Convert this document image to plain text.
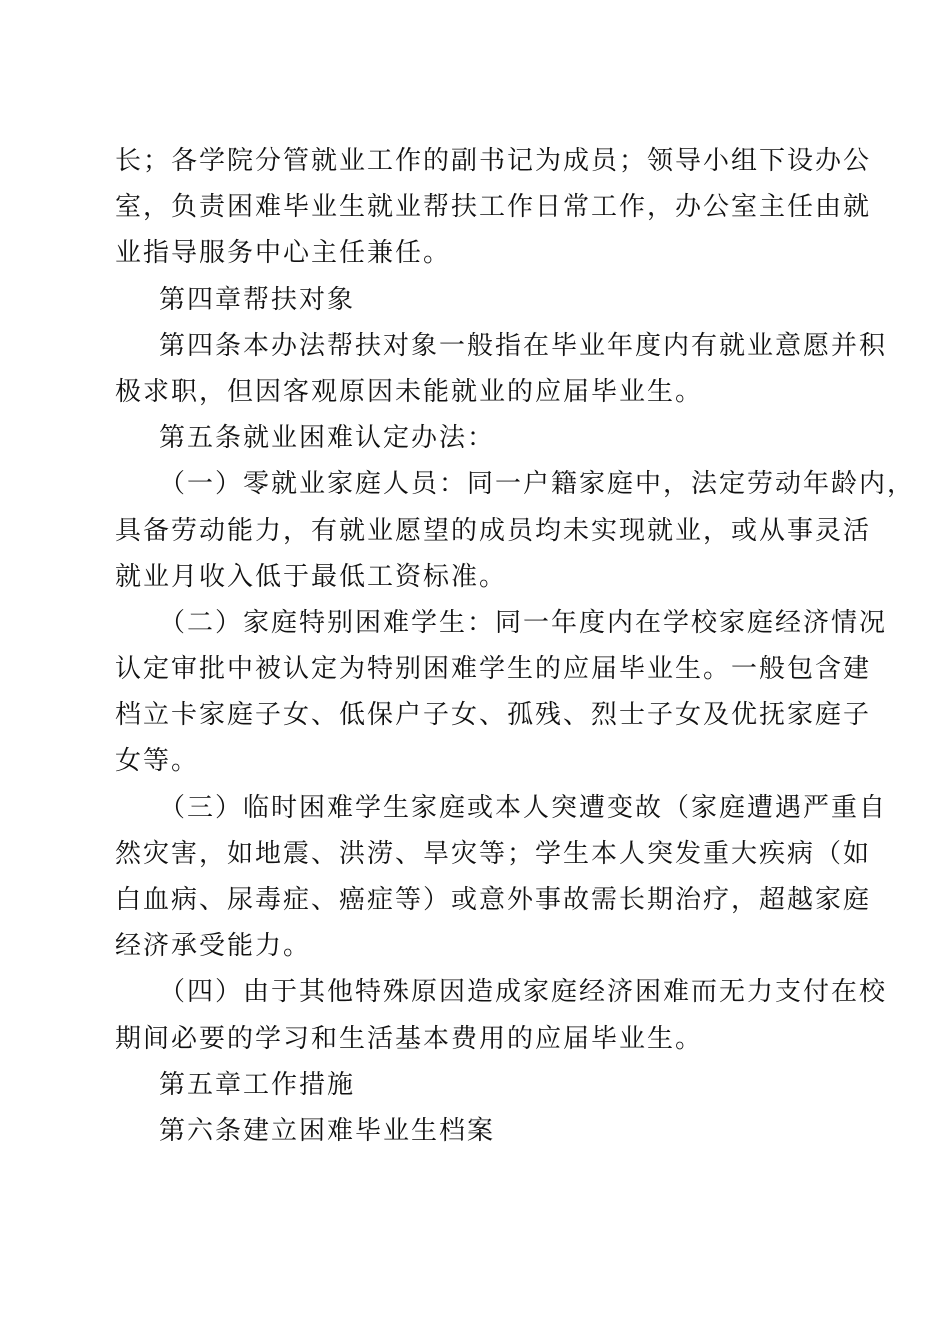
长；各学院分管就业工作的副书记为成员；领导小组下设办公
室，负责困难毕业生就业帮扶工作日常工作，办公室主任由就
业指导服务中心主任兼任。
第四章帮扶对象
第四条本办法帮扶对象一般指在毕业年度内有就业意愿并积
极求职，但因客观原因未能就业的应届毕业生。
第五条就业困难认定办法：
（一）零就业家庭人员：同一户籍家庭中，法定劳动年龄内，
具备劳动能力，有就业愿望的成员均未实现就业，或从事灵活
就业月收入低于最低工资标准。
（二）家庭特别困难学生：同一年度内在学校家庭经济情况
认定审批中被认定为特别困难学生的应届毕业生。一般包含建
档立卡家庭子女、低保户子女、孤残、烈士子女及优抚家庭子
女等。
（三）临时困难学生家庭或本人突遭变故（家庭遭遇严重自
然灾害，如地震、洪涝、旱灾等；学生本人突发重大疾病（如
白血病、尿毒症、癌症等）或意外事故需长期治疗，超越家庭
经济承受能力。
（四）由于其他特殊原因造成家庭经济困难而无力支付在校
期间必要的学习和生活基本费用的应届毕业生。
第五章工作措施
第六条建立困难毕业生档案
